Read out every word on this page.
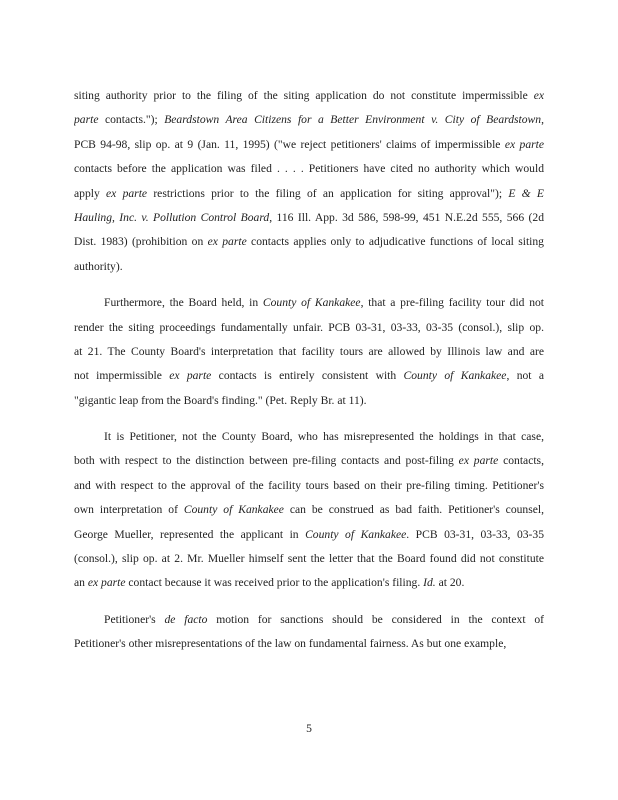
siting authority prior to the filing of the siting application do not constitute impermissible ex
parte contacts."); Beardstown Area Citizens for a Better Environment v. City of Beardstown,
PCB 94-98, slip op. at 9 (Jan. 11, 1995) ("we reject petitioners' claims of impermissible ex parte
contacts before the application was filed . . . . Petitioners have cited no authority which would
apply ex parte restrictions prior to the filing of an application for siting approval"); E & E
Hauling, Inc. v. Pollution Control Board, 116 Ill. App. 3d 586, 598-99, 451 N.E.2d 555, 566 (2d
Dist. 1983) (prohibition on ex parte contacts applies only to adjudicative functions of local siting
authority).
Furthermore, the Board held, in County of Kankakee, that a pre-filing facility tour did not
render the siting proceedings fundamentally unfair. PCB 03-31, 03-33, 03-35 (consol.), slip op.
at 21. The County Board's interpretation that facility tours are allowed by Illinois law and are
not impermissible ex parte contacts is entirely consistent with County of Kankakee, not a
"gigantic leap from the Board's finding." (Pet. Reply Br. at 11).
It is Petitioner, not the County Board, who has misrepresented the holdings in that case,
both with respect to the distinction between pre-filing contacts and post-filing ex parte contacts,
and with respect to the approval of the facility tours based on their pre-filing timing. Petitioner's
own interpretation of County of Kankakee can be construed as bad faith. Petitioner's counsel,
George Mueller, represented the applicant in County of Kankakee. PCB 03-31, 03-33, 03-35
(consol.), slip op. at 2. Mr. Mueller himself sent the letter that the Board found did not constitute
an ex parte contact because it was received prior to the application's filing. Id. at 20.
Petitioner's de facto motion for sanctions should be considered in the context of
Petitioner's other misrepresentations of the law on fundamental fairness. As but one example,
5
